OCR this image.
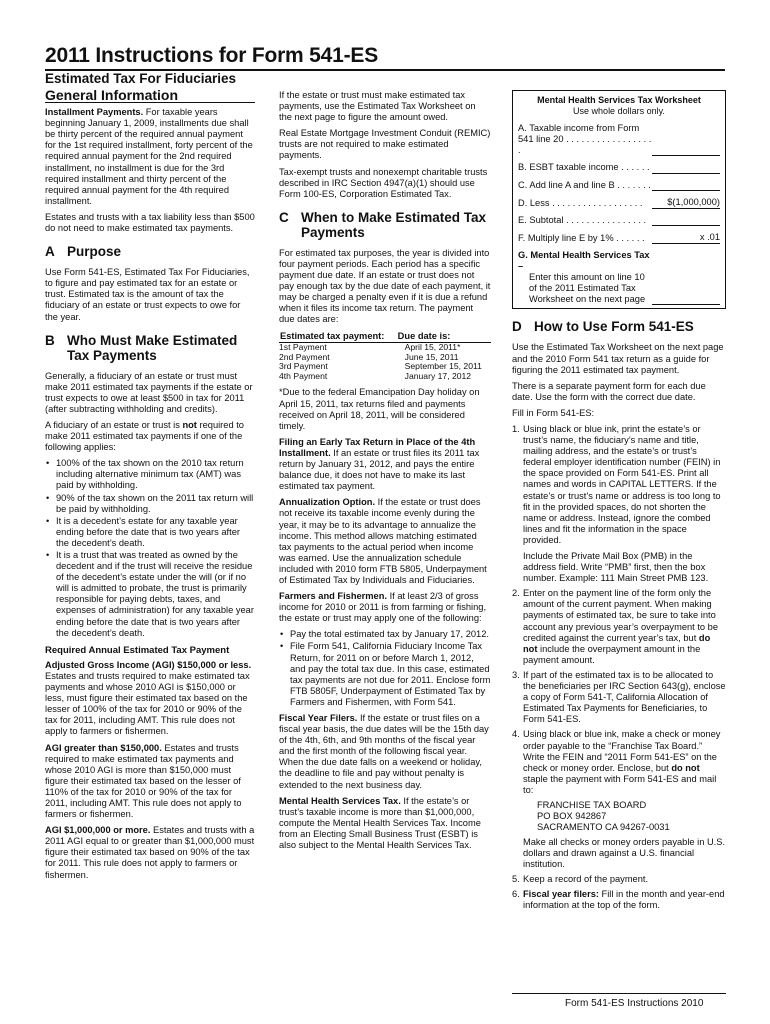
2011 Instructions for Form 541-ES
Estimated Tax For Fiduciaries
General Information

Installment Payments. For taxable years beginning January 1, 2009, installments due shall be thirty percent of the required annual payment for the 1st required installment, forty percent of the required annual payment for the 2nd required installment, no installment is due for the 3rd required installment and thirty percent of the required annual payment for the 4th required installment.

Estates and trusts with a tax liability less than $500 do not need to make estimated tax payments.

A Purpose

Use Form 541-ES, Estimated Tax For Fiduciaries, to figure and pay estimated tax for an estate or trust. Estimated tax is the amount of tax the fiduciary of an estate or trust expects to owe for the year.

B Who Must Make Estimated Tax Payments

Generally, a fiduciary of an estate or trust must make 2011 estimated tax payments if the estate or trust expects to owe at least $500 in tax for 2011 (after subtracting withholding and credits).

A fiduciary of an estate or trust is not required to make 2011 estimated tax payments if one of the following applies:

• 100% of the tax shown on the 2010 tax return including alternative minimum tax (AMT) was paid by withholding.
• 90% of the tax shown on the 2011 tax return will be paid by withholding.
• It is a decedent’s estate for any taxable year ending before the date that is two years after the decedent’s death.
• It is a trust that was treated as owned by the decedent and if the trust will receive the residue of the decedent’s estate under the will (or if no will is admitted to probate, the trust is primarily responsible for paying debts, taxes, and expenses of administration) for any taxable year ending before the date that is two years after the decedent’s death.
Required Annual Estimated Tax Payment

Adjusted Gross Income (AGI) $150,000 or less. Estates and trusts required to make estimated tax payments and whose 2010 AGI is $150,000 or less, must figure their estimated tax based on the lesser of 100% of the tax for 2010 or 90% of the tax for 2011, including AMT. This rule does not apply to farmers or fishermen.

AGI greater than $150,000. Estates and trusts required to make estimated tax payments and whose 2010 AGI is more than $150,000 must figure their estimated tax based on the lesser of 110% of the tax for 2010 or 90% of the tax for 2011, including AMT. This rule does not apply to farmers or fishermen.

AGI $1,000,000 or more. Estates and trusts with a 2011 AGI equal to or greater than $1,000,000 must figure their estimated tax based on 90% of the tax for 2011. This rule does not apply to farmers or fishermen.

If the estate or trust must make estimated tax payments, use the Estimated Tax Worksheet on the next page to figure the amount owed.

Real Estate Mortgage Investment Conduit (REMIC) trusts are not required to make estimated payments.

Tax-exempt trusts and nonexempt charitable trusts described in IRC Section 4947(a)(1) should use Form 100-ES, Corporation Estimated Tax.

C When to Make Estimated Tax Payments

For estimated tax purposes, the year is divided into four payment periods. Each period has a specific payment due date. If an estate or trust does not pay enough tax by the due date of each payment, it may be charged a penalty even if it is due a refund when it files its income tax return. The payment due dates are:

Estimated tax payment:	Due date is:
1st Payment	April 15, 2011*
2nd Payment	June 15, 2011
3rd Payment	September 15, 2011
4th Payment	January 17, 2012

*Due to the federal Emancipation Day holiday on April 15, 2011, tax returns filed and payments received on April 18, 2011, will be considered timely.

Filing an Early Tax Return in Place of the 4th Installment. If an estate or trust files its 2011 tax return by January 31, 2012, and pays the entire balance due, it does not have to make its last estimated tax payment.

Annualization Option. If the estate or trust does not receive its taxable income evenly during the year, it may be to its advantage to annualize the income. This method allows matching estimated tax payments to the actual period when income was earned. Use the annualization schedule included with 2010 form FTB 5805, Underpayment of Estimated Tax by Individuals and Fiduciaries.

Farmers and Fishermen. If at least 2/3 of gross income for 2010 or 2011 is from farming or fishing, the estate or trust may apply one of the following:

• Pay the total estimated tax by January 17, 2012.
• File Form 541, California Fiduciary Income Tax Return, for 2011 on or before March 1, 2012, and pay the total tax due. In this case, estimated tax payments are not due for 2011. Enclose form FTB 5805F, Underpayment of Estimated Tax by Farmers and Fishermen, with Form 541.

Fiscal Year Filers. If the estate or trust files on a fiscal year basis, the due dates will be the 15th day of the 4th, 6th, and 9th months of the fiscal year and the first month of the following fiscal year. When the due date falls on a weekend or holiday, the deadline to file and pay without penalty is extended to the next business day.

Mental Health Services Tax. If the estate’s or trust’s taxable income is more than $1,000,000, compute the Mental Health Services Tax. Income from an Electing Small Business Trust (ESBT) is also subject to the Mental Health Services Tax.

Mental Health Services Tax Worksheet
Use whole dollars only.
A. Taxable income from Form 541 line 20 . . . . . . . . . . . . . . . . . .
B. ESBT taxable income . . . . . .
C. Add line A and line B . . . . . . .
D. Less . . . . . . . . . . . . . . . . . .	$(1,000,000)
E. Subtotal . . . . . . . . . . . . . . . .
F. Multiply line E by 1% . . . . . .	x .01
G. Mental Health Services Tax –

Enter this amount on line 10 of the 2011 Estimated Tax Worksheet on the next page
D How to Use Form 541-ES

Use the Estimated Tax Worksheet on the next page and the 2010 Form 541 tax return as a guide for figuring the 2011 estimated tax payment.

There is a separate payment form for each due date. Use the form with the correct due date.

Fill in Form 541-ES:

1. Using black or blue ink, print the estate’s or trust’s name, the fiduciary’s name and title, mailing address, and the estate’s or trust’s federal employer identification number (FEIN) in the space provided on Form 541-ES. Print all names and words in CAPITAL LETTERS. If the estate’s or trust’s name or address is too long to fit in the provided spaces, do not shorten the name or address. Instead, ignore the combed lines and fit the information in the space provided.
Include the Private Mail Box (PMB) in the address field. Write “PMB” first, then the box number. Example: 111 Main Street PMB 123.
2. Enter on the payment line of the form only the amount of the current payment. When making payments of estimated tax, be sure to take into account any previous year’s overpayment to be credited against the current year’s tax, but do not include the overpayment amount in the payment amount.
3. If part of the estimated tax is to be allocated to the beneficiaries per IRC Section 643(g), enclose a copy of Form 541-T, California Allocation of Estimated Tax Payments for Beneficiaries, to Form 541-ES.
4. Using black or blue ink, make a check or money order payable to the “Franchise Tax Board.” Write the FEIN and “2011 Form 541-ES” on the check or money order. Enclose, but do not staple the payment with Form 541-ES and mail to:
FRANCHISE TAX BOARD
PO BOX 942867
SACRAMENTO CA 94267-0031
Make all checks or money orders payable in U.S. dollars and drawn against a U.S. financial institution.
5. Keep a record of the payment.
6. Fiscal year filers: Fill in the month and year-end information at the top of the form.
Form 541-ES Instructions 2010
